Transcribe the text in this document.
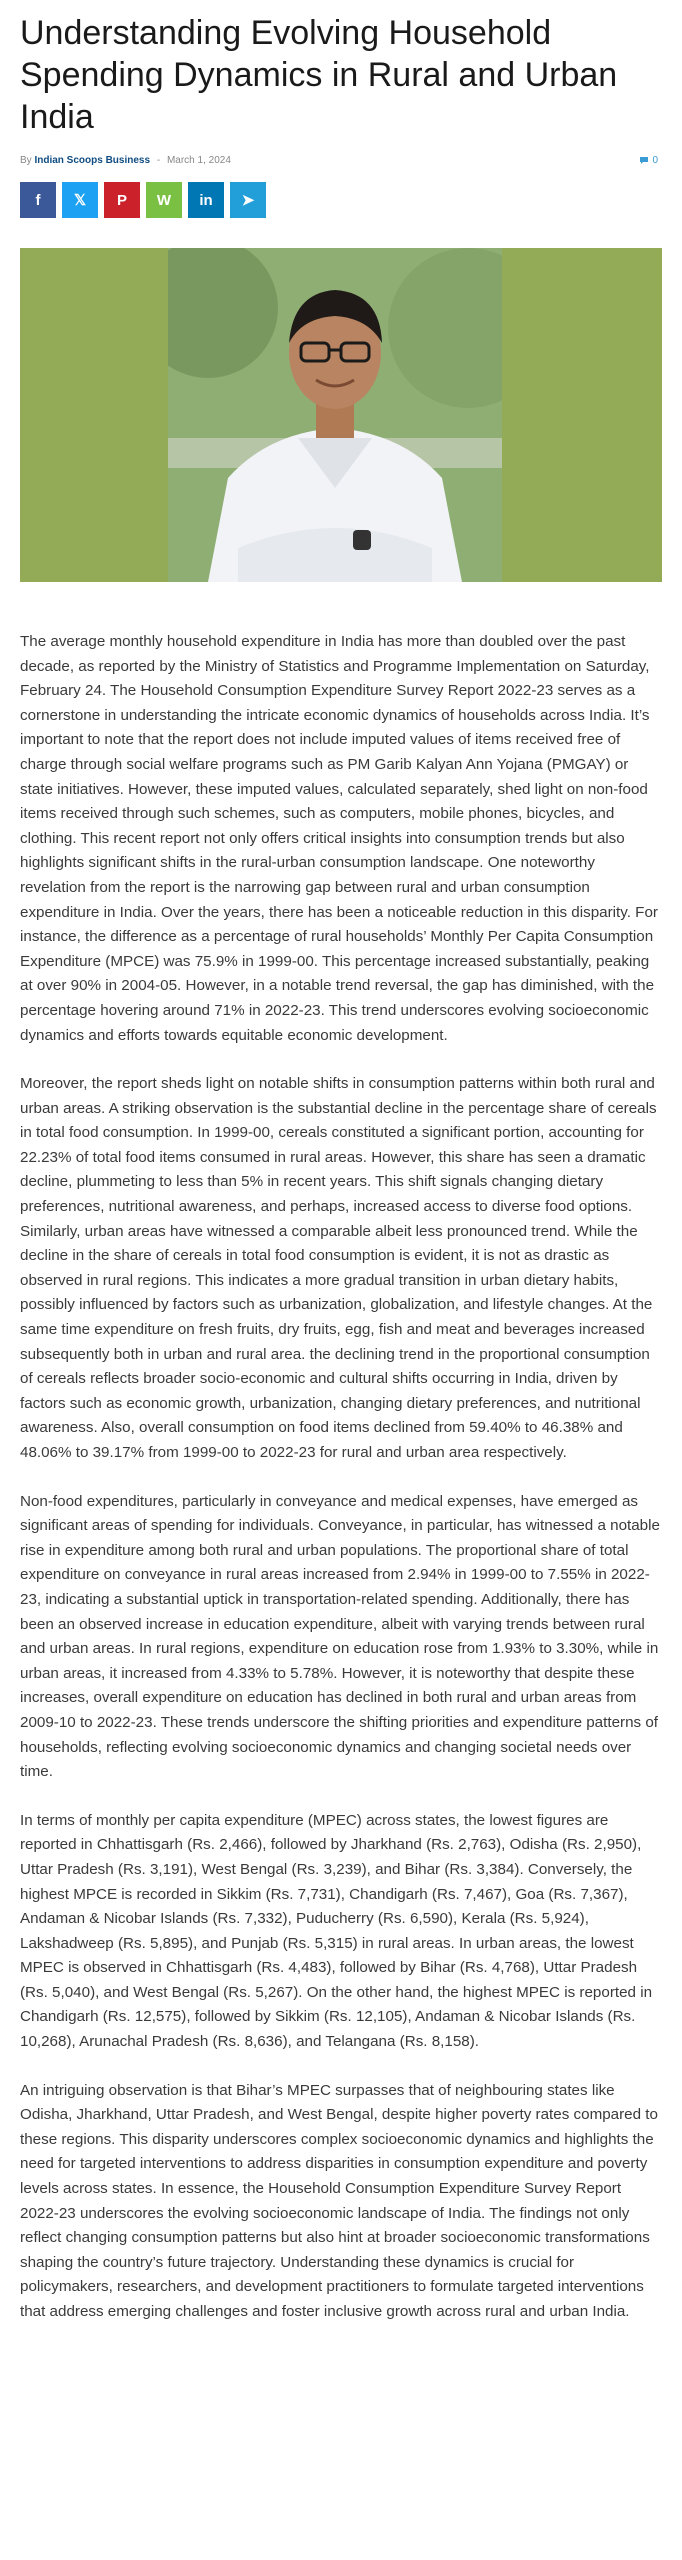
Understanding Evolving Household Spending Dynamics in Rural and Urban India
By Indian Scoops Business - March 1, 2024	0
f 𝕏 P W in ➤

The average monthly household expenditure in India has more than doubled over the past decade, as reported by the Ministry of Statistics and Programme Implementation on Saturday, February 24. The Household Consumption Expenditure Survey Report 2022-23 serves as a cornerstone in understanding the intricate economic dynamics of households across India. It’s important to note that the report does not include imputed values of items received free of charge through social welfare programs such as PM Garib Kalyan Ann Yojana (PMGAY) or state initiatives. However, these imputed values, calculated separately, shed light on non-food items received through such schemes, such as computers, mobile phones, bicycles, and clothing. This recent report not only offers critical insights into consumption trends but also highlights significant shifts in the rural-urban consumption landscape. One noteworthy revelation from the report is the narrowing gap between rural and urban consumption expenditure in India. Over the years, there has been a noticeable reduction in this disparity. For instance, the difference as a percentage of rural households’ Monthly Per Capita Consumption Expenditure (MPCE) was 75.9% in 1999-00. This percentage increased substantially, peaking at over 90% in 2004-05. However, in a notable trend reversal, the gap has diminished, with the percentage hovering around 71% in 2022-23. This trend underscores evolving socioeconomic dynamics and efforts towards equitable economic development.

Moreover, the report sheds light on notable shifts in consumption patterns within both rural and urban areas. A striking observation is the substantial decline in the percentage share of cereals in total food consumption. In 1999-00, cereals constituted a significant portion, accounting for 22.23% of total food items consumed in rural areas. However, this share has seen a dramatic decline, plummeting to less than 5% in recent years. This shift signals changing dietary preferences, nutritional awareness, and perhaps, increased access to diverse food options. Similarly, urban areas have witnessed a comparable albeit less pronounced trend. While the decline in the share of cereals in total food consumption is evident, it is not as drastic as observed in rural regions. This indicates a more gradual transition in urban dietary habits, possibly influenced by factors such as urbanization, globalization, and lifestyle changes. At the same time expenditure on fresh fruits, dry fruits, egg, fish and meat and beverages increased subsequently both in urban and rural area. the declining trend in the proportional consumption of cereals reflects broader socio-economic and cultural shifts occurring in India, driven by factors such as economic growth, urbanization, changing dietary preferences, and nutritional awareness. Also, overall consumption on food items declined from 59.40% to 46.38% and 48.06% to 39.17% from 1999-00 to 2022-23 for rural and urban area respectively.

Non-food expenditures, particularly in conveyance and medical expenses, have emerged as significant areas of spending for individuals. Conveyance, in particular, has witnessed a notable rise in expenditure among both rural and urban populations. The proportional share of total expenditure on conveyance in rural areas increased from 2.94% in 1999-00 to 7.55% in 2022-23, indicating a substantial uptick in transportation-related spending. Additionally, there has been an observed increase in education expenditure, albeit with varying trends between rural and urban areas. In rural regions, expenditure on education rose from 1.93% to 3.30%, while in urban areas, it increased from 4.33% to 5.78%. However, it is noteworthy that despite these increases, overall expenditure on education has declined in both rural and urban areas from 2009-10 to 2022-23. These trends underscore the shifting priorities and expenditure patterns of households, reflecting evolving socioeconomic dynamics and changing societal needs over time.

In terms of monthly per capita expenditure (MPEC) across states, the lowest figures are reported in Chhattisgarh (Rs. 2,466), followed by Jharkhand (Rs. 2,763), Odisha (Rs. 2,950), Uttar Pradesh (Rs. 3,191), West Bengal (Rs. 3,239), and Bihar (Rs. 3,384). Conversely, the highest MPCE is recorded in Sikkim (Rs. 7,731), Chandigarh (Rs. 7,467), Goa (Rs. 7,367), Andaman & Nicobar Islands (Rs. 7,332), Puducherry (Rs. 6,590), Kerala (Rs. 5,924), Lakshadweep (Rs. 5,895), and Punjab (Rs. 5,315) in rural areas. In urban areas, the lowest MPEC is observed in Chhattisgarh (Rs. 4,483), followed by Bihar (Rs. 4,768), Uttar Pradesh (Rs. 5,040), and West Bengal (Rs. 5,267). On the other hand, the highest MPEC is reported in Chandigarh (Rs. 12,575), followed by Sikkim (Rs. 12,105), Andaman & Nicobar Islands (Rs. 10,268), Arunachal Pradesh (Rs. 8,636), and Telangana (Rs. 8,158).

An intriguing observation is that Bihar’s MPEC surpasses that of neighbouring states like Odisha, Jharkhand, Uttar Pradesh, and West Bengal, despite higher poverty rates compared to these regions. This disparity underscores complex socioeconomic dynamics and highlights the need for targeted interventions to address disparities in consumption expenditure and poverty levels across states. In essence, the Household Consumption Expenditure Survey Report 2022-23 underscores the evolving socioeconomic landscape of India. The findings not only reflect changing consumption patterns but also hint at broader socioeconomic transformations shaping the country’s future trajectory. Understanding these dynamics is crucial for policymakers, researchers, and development practitioners to formulate targeted interventions that address emerging challenges and foster inclusive growth across rural and urban India.
